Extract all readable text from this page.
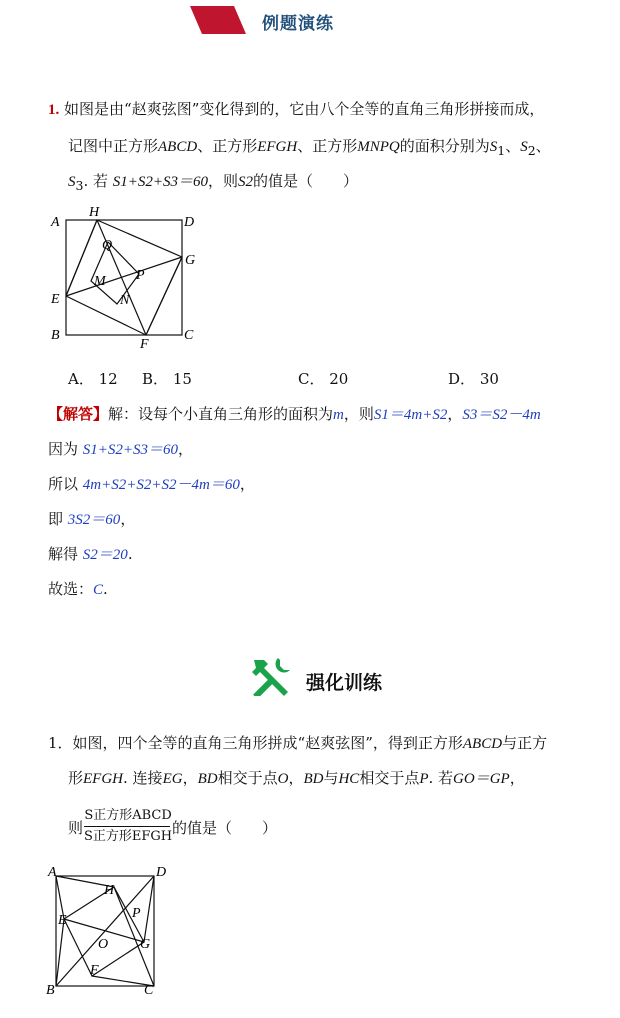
例题演练
1. 如图是由“赵爽弦图”变化得到的，它由八个全等的直角三角形拼接而成，
记图中正方形ABCD、正方形EFGH、正方形MNPQ的面积分别为$S_1$、$S_2$、
$S_3$. 若 S1+S2+S3＝60，则S2的值是（　　）
A
H
D
Q
G
M P
E	N
B
F
C
A． 12 B． 15	C． 20	D． 30
【解答】解：设每个小直角三角形的面积为m，则S1＝4m+S2，S3＝S2－4m
因为 S1+S2+S3＝60，
所以 4m+S2+S2+S2－4m＝60，
即 3S2＝60，
解得 S2＝20.
故选：C.
强化训练
1．如图，四个全等的直角三角形拼成“赵爽弦图”，得到正方形ABCD与正方
形EFGH. 连接EG，BD相交于点O，BD与HC相交于点P. 若GO＝GP，
则
S正方形ABCD
S正方形EFGH 的值是（　　）
A	D
H
E	P
O G
F
B	C
